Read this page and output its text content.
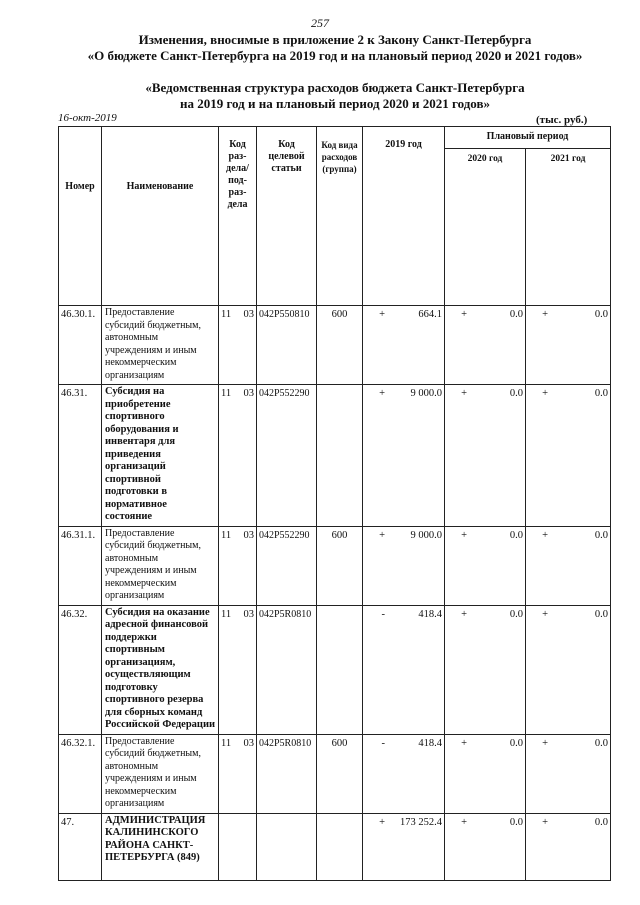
257
Изменения, вносимые в приложение 2 к Закону Санкт-Петербурга
«О бюджете Санкт-Петербурга на 2019 год и на плановый период 2020 и 2021 годов»
«Ведомственная структура расходов бюджета Санкт-Петербурга
на 2019 год и на плановый период 2020 и 2021 годов»
16-окт-2019	(тыс. руб.)
Номер	Наименование	Код раз-дела/ под-раз-дела	Код целевой статьи	Код вида расходов (группа)	2019 год	Плановый период	
						2020 год	2021 год
46.30.1.	Предоставление субсидий бюджетным, автономным учреждениям и иным некоммерческим организациям	11 03	042P550810	600	+ 664.1	+ 0.0	+ 0.0

46.31.	Субсидия на приобретение спортивного оборудования и инвентаря для приведения организаций спортивной подготовки в нормативное состояние	11 03	042P552290		+ 9 000.0	+ 0.0	+ 0.0

46.31.1.	Предоставление субсидий бюджетным, автономным учреждениям и иным некоммерческим организациям	11 03	042P552290	600	+ 9 000.0	+ 0.0	+ 0.0

46.32.	Субсидия на оказание адресной финансовой поддержки спортивным организациям, осуществляющим подготовку спортивного резерва для сборных команд Российской Федерации	11 03	042P5R0810		- 418.4	+ 0.0	+ 0.0

46.32.1.	Предоставление субсидий бюджетным, автономным учреждениям и иным некоммерческим организациям	11 03	042P5R0810	600	- 418.4	+ 0.0	+ 0.0

47.	АДМИНИСТРАЦИЯ КАЛИНИНСКОГО РАЙОНА САНКТ-ПЕТЕРБУРГА (849)				+ 173 252.4	+ 0.0	+ 0.0
